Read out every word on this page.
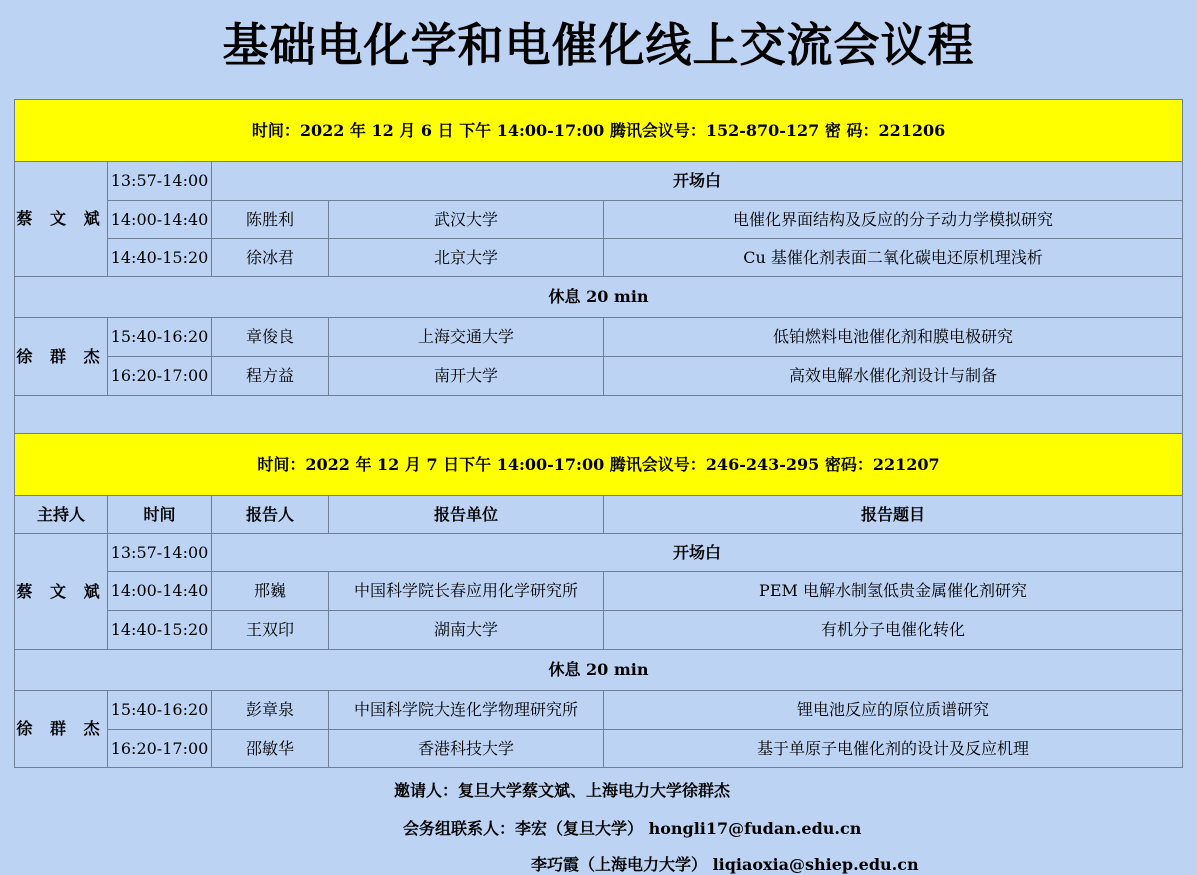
基础电化学和电催化线上交流会议程
时间：2022 年 12 月 6 日 下午 14:00-17:00 腾讯会议号：152-870-127 密 码：221206				
蔡 文 斌	13:57-14:00	开场白		
	14:00-14:40	陈胜利	武汉大学	电催化界面结构及反应的分子动力学模拟研究
	14:40-15:20	徐冰君	北京大学	Cu 基催化剂表面二氧化碳电还原机理浅析
休息 20 min				
徐 群 杰	15:40-16:20	章俊良	上海交通大学	低铂燃料电池催化剂和膜电极研究
	16:20-17:00	程方益	南开大学	高效电解水催化剂设计与制备

时间：2022 年 12 月 7 日下午 14:00-17:00 腾讯会议号：246-243-295 密码：221207				
主持人	时间	报告人	报告单位	报告题目
蔡 文 斌	13:57-14:00	开场白		
	14:00-14:40	邢巍	中国科学院长春应用化学研究所	PEM 电解水制氢低贵金属催化剂研究
	14:40-15:20	王双印	湖南大学	有机分子电催化转化
休息 20 min				
徐 群 杰	15:40-16:20	彭章泉	中国科学院大连化学物理研究所	锂电池反应的原位质谱研究
	16:20-17:00	邵敏华	香港科技大学	基于单原子电催化剂的设计及反应机理
邀请人：复旦大学蔡文斌、上海电力大学徐群杰
会务组联系人：李宏（复旦大学） hongli17@fudan.edu.cn
李巧霞（上海电力大学） liqiaoxia@shiep.edu.cn
